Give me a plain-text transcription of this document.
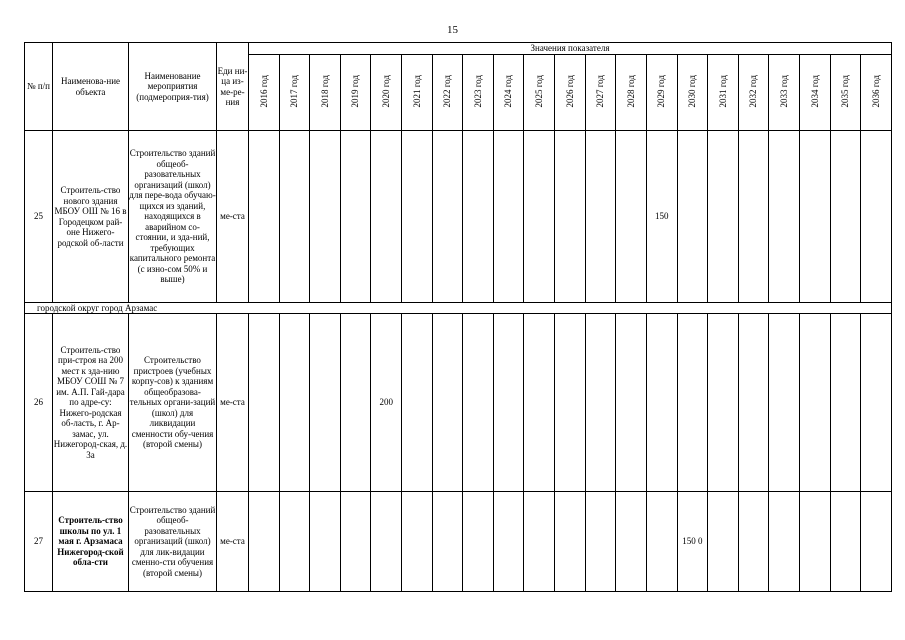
15
№ п/п	Наименова-ние объекта	Наименование мероприятия (подмероприя-тия)	Еди ни-ца из-ме-ре-ния	Значения показателя																				
				2016 год	2017 год	2018 год	2019 год	2020 год	2021 год	2022 год	2023 год	2024 год	2025 год	2026 год	2027 год	2028 год	2029 год	2030 год	2031 год	2032 год	2033 год	2034 год	2035 год	2036 год
25	Строитель-ство нового здания МБОУ ОШ № 16 в Городецком рай-оне Нижего-родской об-ласти	Строительство зданий общеоб-разовательных организаций (школ) для пере-вода обучаю-щихся из зданий, находящихся в аварийном со-стоянии, и зда-ний, требующих капитального ремонта (с изно-сом 50% и выше)	ме-ста														150							
городской округ город Арзамас																								
26	Строитель-ство при-строя на 200 мест к зда-нию МБОУ СОШ № 7 им. А.П. Гай-дара по адре-су: Нижего-родская об-ласть, г. Ар-замас, ул. Нижегород-ская, д. 3а	Строительство пристроев (учебных корпу-сов) к зданиям общеобразова-тельных органи-заций (школ) для ликвидации сменности обу-чения (второй смены)	ме-ста					200																
27	Строитель-ство школы по ул. 1 мая г. Арзамаса Нижегород-ской обла-сти	Строительство зданий общеоб-разовательных организаций (школ) для лик-видации сменно-сти обучения (второй смены)	ме-ста															150 0						
